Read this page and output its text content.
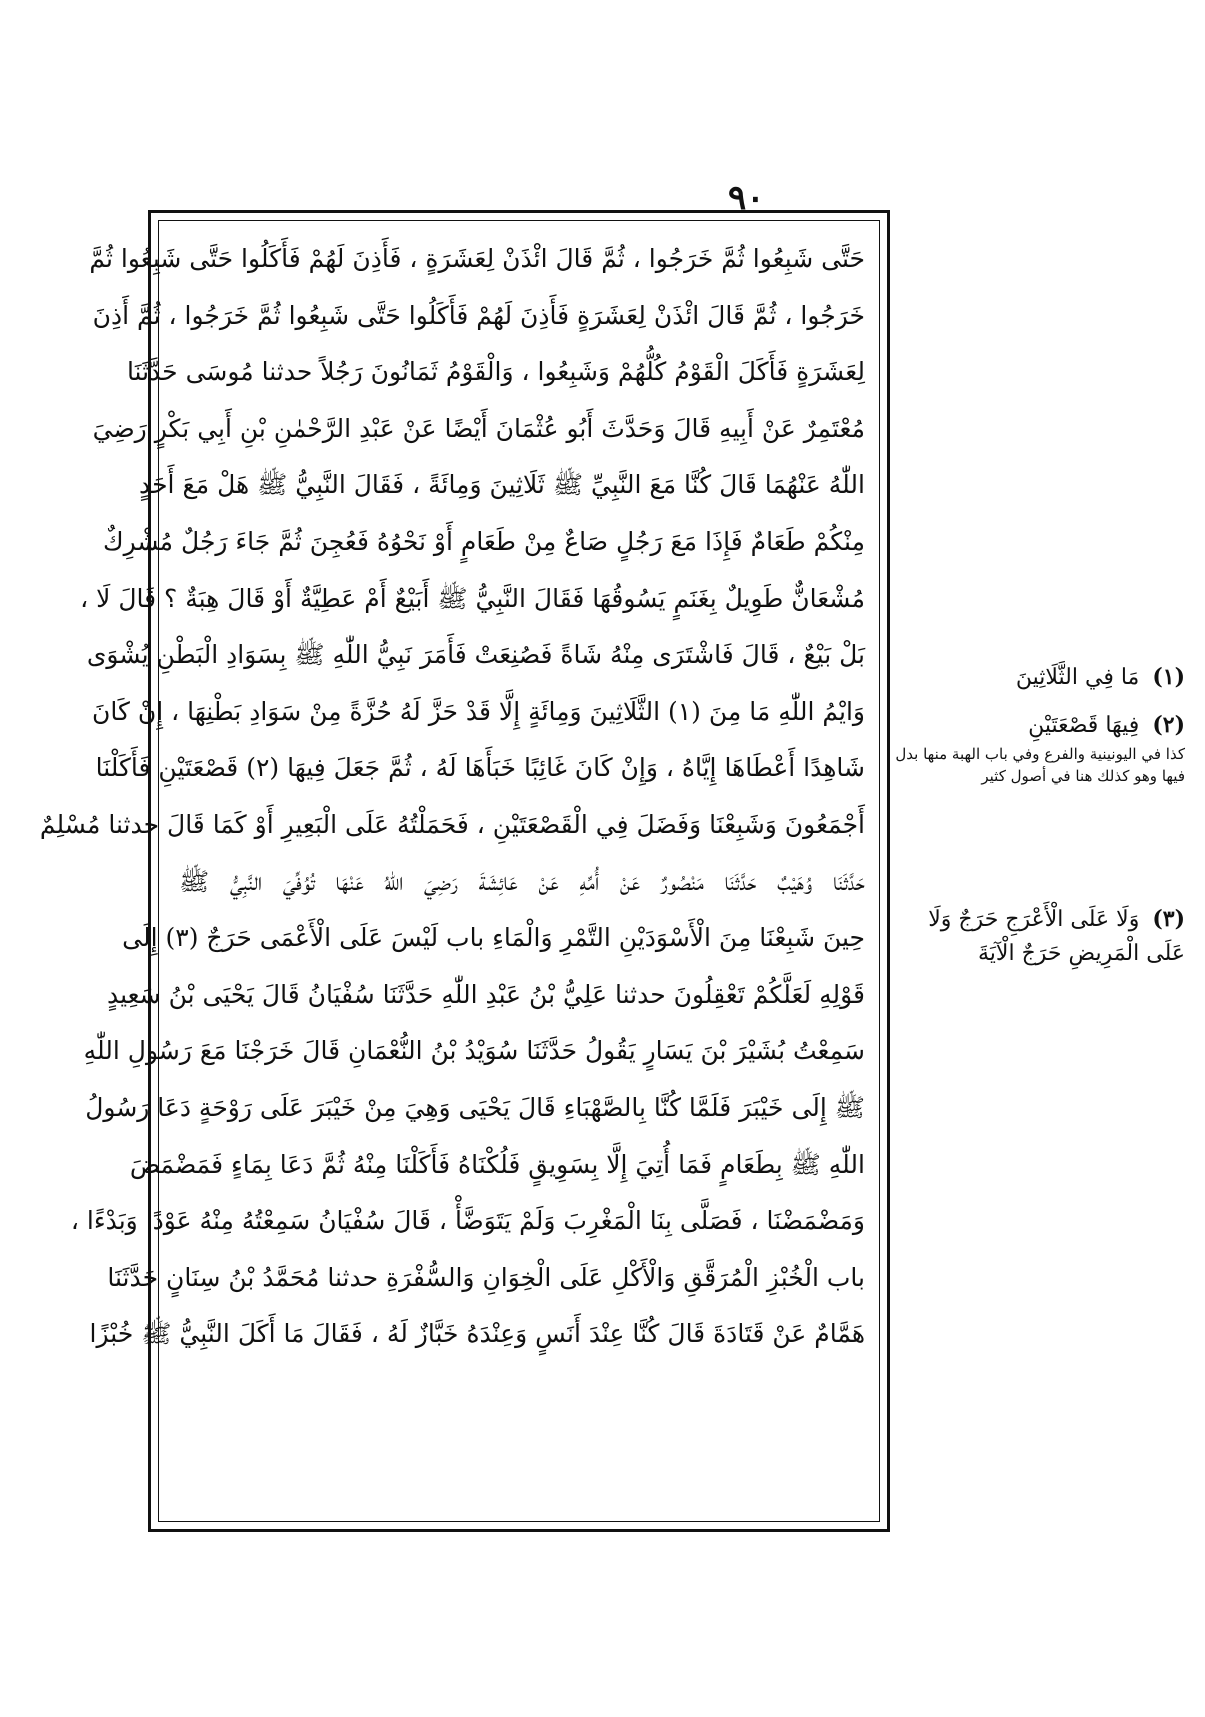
٩٠
حَتَّى شَبِعُوا ثُمَّ خَرَجُوا ، ثُمَّ قَالَ ائْذَنْ لِعَشَرَةٍ ، فَأَذِنَ لَهُمْ فَأَكَلُوا حَتَّى شَبِعُوا ثُمَّ
خَرَجُوا ، ثُمَّ قَالَ ائْذَنْ لِعَشَرَةٍ فَأَذِنَ لَهُمْ فَأَكَلُوا حَتَّى شَبِعُوا ثُمَّ خَرَجُوا ، ثُمَّ أَذِنَ
لِعَشَرَةٍ فَأَكَلَ الْقَوْمُ كُلُّهُمْ وَشَبِعُوا ، وَالْقَوْمُ ثَمَانُونَ رَجُلاً حدثنا مُوسَى حَدَّثَنَا
مُعْتَمِرٌ عَنْ أَبِيهِ قَالَ وَحَدَّثَ أَبُو عُثْمَانَ أَيْضًا عَنْ عَبْدِ الرَّحْمٰنِ بْنِ أَبِي بَكْرٍ رَضِيَ
اللّٰهُ عَنْهُمَا قَالَ كُنَّا مَعَ النَّبِيِّ ﷺ ثَلَاثِينَ وَمِائَةً ، فَقَالَ النَّبِيُّ ﷺ هَلْ مَعَ أَحَدٍ
مِنْكُمْ طَعَامٌ فَإِذَا مَعَ رَجُلٍ صَاعٌ مِنْ طَعَامٍ أَوْ نَحْوُهُ فَعُجِنَ ثُمَّ جَاءَ رَجُلٌ مُشْرِكٌ
مُشْعَانٌّ طَوِيلٌ بِغَنَمٍ يَسُوقُهَا فَقَالَ النَّبِيُّ ﷺ أَبَيْعٌ أَمْ عَطِيَّةٌ أَوْ قَالَ هِبَةٌ ؟ قَالَ لَا ،
بَلْ بَيْعٌ ، قَالَ فَاشْتَرَى مِنْهُ شَاةً فَصُنِعَتْ فَأَمَرَ نَبِيُّ اللّٰهِ ﷺ بِسَوَادِ الْبَطْنِ يُشْوَى
وَايْمُ اللّٰهِ مَا مِنَ (١) الثَّلَاثِينَ وَمِائَةٍ إِلَّا قَدْ حَزَّ لَهُ حُزَّةً مِنْ سَوَادِ بَطْنِهَا ، إِنْ كَانَ
شَاهِدًا أَعْطَاهَا إِيَّاهُ ، وَإِنْ كَانَ غَائِبًا خَبَأَهَا لَهُ ، ثُمَّ جَعَلَ فِيهَا (٢) قَصْعَتَيْنِ فَأَكَلْنَا
أَجْمَعُونَ وَشَبِعْنَا وَفَضَلَ فِي الْقَصْعَتَيْنِ ، فَحَمَلْتُهُ عَلَى الْبَعِيرِ أَوْ كَمَا قَالَ حدثنا مُسْلِمٌ
حَدَّثَنَا وُهَيْبٌ حَدَّثَنَا مَنْصُورٌ عَنْ أُمِّهِ عَنْ عَائِشَةَ رَضِيَ اللّٰهُ عَنْهَا تُوُفِّيَ النَّبِيُّ ﷺ
حِينَ شَبِعْنَا مِنَ الْأَسْوَدَيْنِ التَّمْرِ وَالْمَاءِ باب لَيْسَ عَلَى الْأَعْمَى حَرَجٌ (٣) إِلَى
قَوْلِهِ لَعَلَّكُمْ تَعْقِلُونَ حدثنا عَلِيُّ بْنُ عَبْدِ اللّٰهِ حَدَّثَنَا سُفْيَانُ قَالَ يَحْيَى بْنُ سَعِيدٍ
سَمِعْتُ بُشَيْرَ بْنَ يَسَارٍ يَقُولُ حَدَّثَنَا سُوَيْدُ بْنُ النُّعْمَانِ قَالَ خَرَجْنَا مَعَ رَسُولِ اللّٰهِ
ﷺ إِلَى خَيْبَرَ فَلَمَّا كُنَّا بِالصَّهْبَاءِ قَالَ يَحْيَى وَهِيَ مِنْ خَيْبَرَ عَلَى رَوْحَةٍ دَعَا رَسُولُ
اللّٰهِ ﷺ بِطَعَامٍ فَمَا أُتِيَ إِلَّا بِسَوِيقٍ فَلُكْنَاهُ فَأَكَلْنَا مِنْهُ ثُمَّ دَعَا بِمَاءٍ فَمَضْمَضَ
وَمَضْمَضْنَا ، فَصَلَّى بِنَا الْمَغْرِبَ وَلَمْ يَتَوَضَّأْ ، قَالَ سُفْيَانُ سَمِعْتُهُ مِنْهُ عَوْدًا وَبَدْءًا ،
باب الْخُبْزِ الْمُرَقَّقِ وَالْأَكْلِ عَلَى الْخِوَانِ وَالسُّفْرَةِ حدثنا مُحَمَّدُ بْنُ سِنَانٍ حَدَّثَنَا
هَمَّامٌ عَنْ قَتَادَةَ قَالَ كُنَّا عِنْدَ أَنَسٍ وَعِنْدَهُ خَبَّازٌ لَهُ ، فَقَالَ مَا أَكَلَ النَّبِيُّ ﷺ خُبْزًا
(١) مَا فِي الثَّلَاثِينَ
(٢) فِيهَا قَصْعَتَيْنِ
كذا في اليونينية والفرع وفي باب الهبة منها بدل فيها وهو كذلك هنا في أصول كثير
(٣) وَلَا عَلَى الْأَعْرَجِ حَرَجٌ وَلَا عَلَى الْمَرِيضِ حَرَجٌ الْآيَةَ
